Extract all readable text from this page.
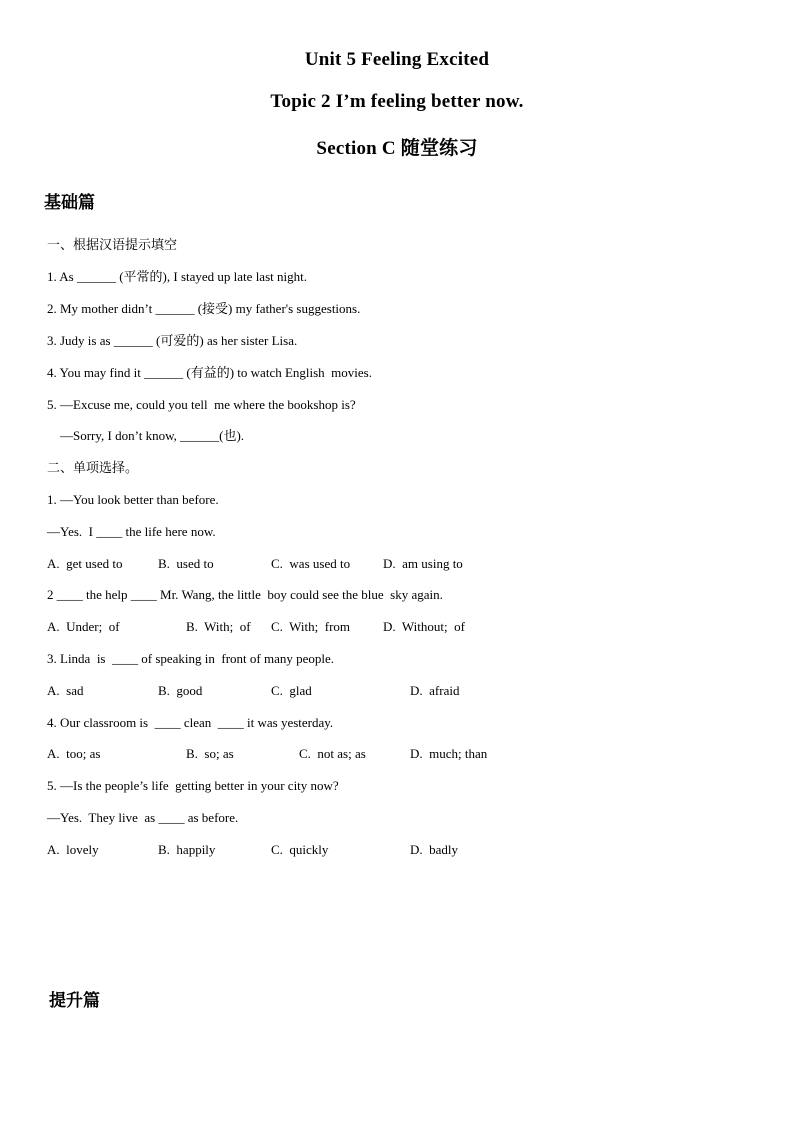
Unit 5 Feeling Excited
Topic 2 I’m feeling better now.
Section C 随堂练习
基础篇
一、根据汉语提示填空
1. As ______ (平常的), I stayed up late last night.
2. My mother didn’t ______ (接受) my father's suggestions.
3. Judy is as ______ (可爱的) as her sister Lisa.
4. You may find it ______ (有益的) to watch English  movies.
5. —Excuse me, could you tell  me where the bookshop is?
—Sorry, I don’t know, ______(也).
二、单项选择。
1. —You look better than before.
—Yes.  I ____ the life here now.
A.  get used to	B.  used to	C.  was used to	D.  am using to
2 ____ the help ____ Mr. Wang, the little  boy could see the blue  sky again.
A.  Under;  of	B.  With;  of C.  With;  from	D.  Without;  of
3. Linda  is  ____ of speaking in  front of many people.
A.  sad	B.  good	C.  glad	D.  afraid
4. Our classroom is  ____ clean  ____ it was yesterday.
A.  too; as	B.  so; as	C.  not as; as	D.  much; than
5. —Is the people’s life  getting better in your city now?
—Yes.  They live  as ____ as before.
A.  lovely	B.  happily	C.  quickly	D.  badly
提升篇
